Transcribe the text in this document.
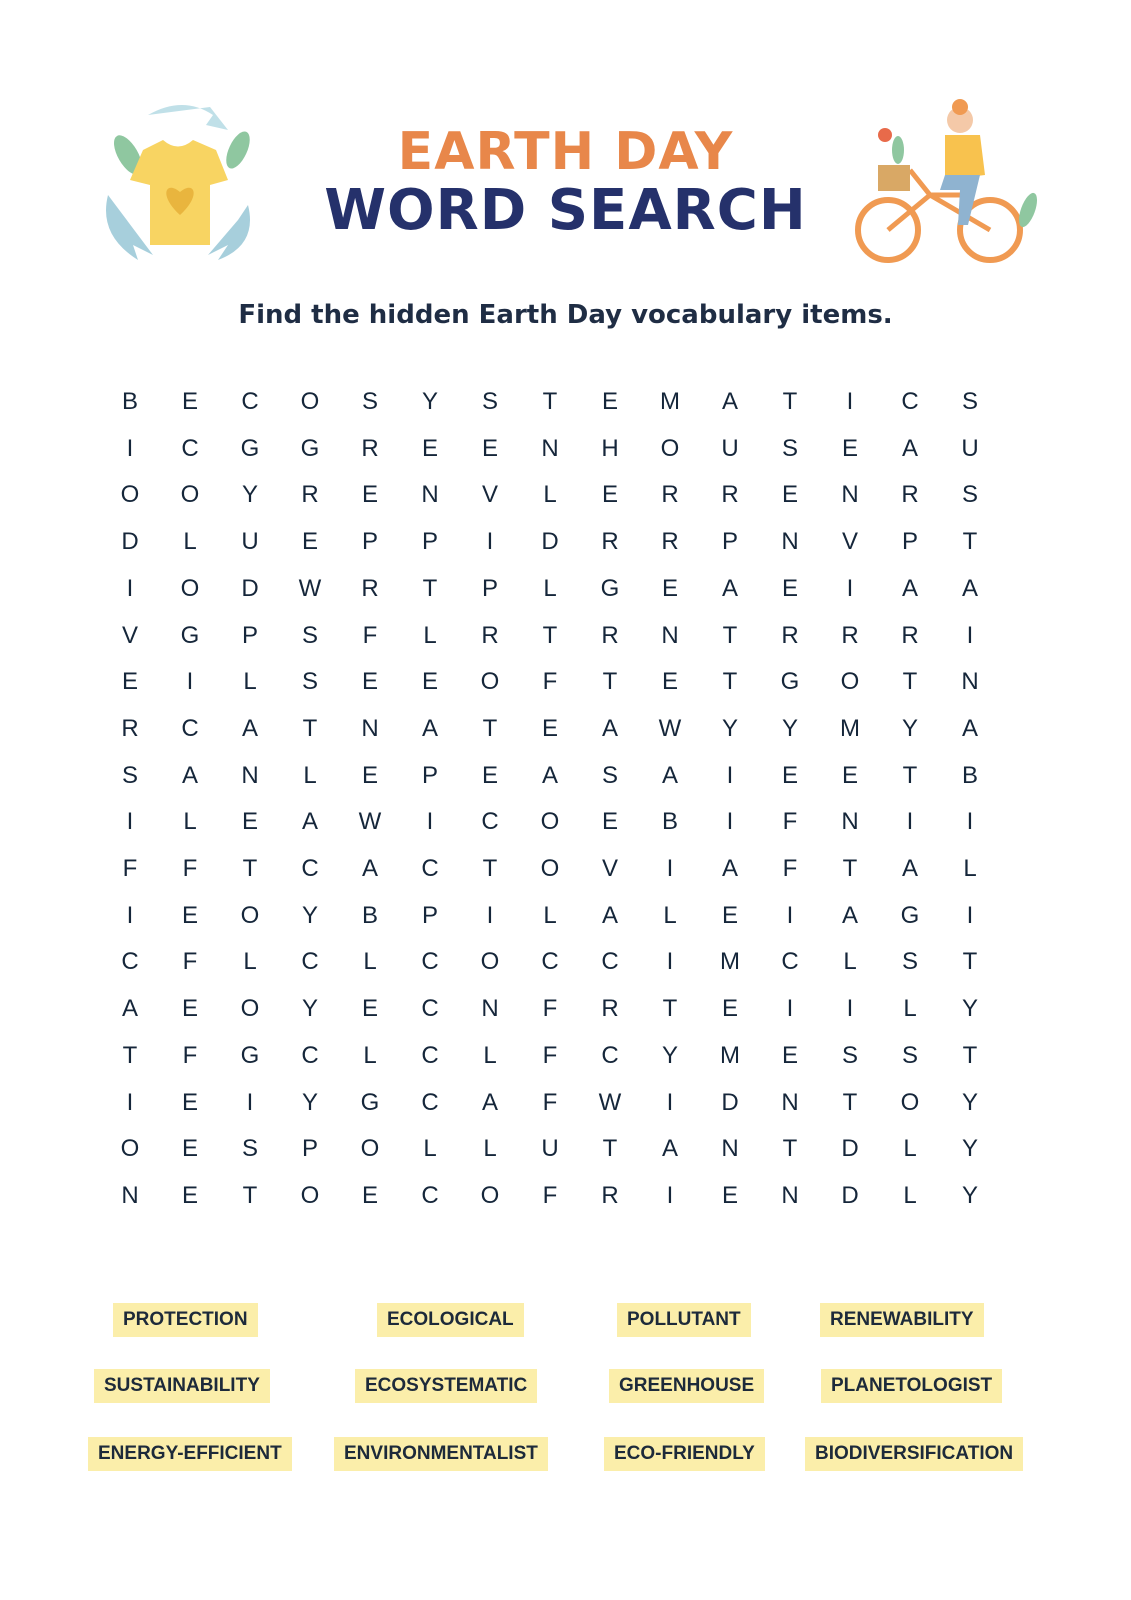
EARTH DAY
WORD SEARCH
Find the hidden Earth Day vocabulary items.
B	E	C	O	S	Y	S	T	E	M	A	T	I	C	S
I	C	G	G	R	E	E	N	H	O	U	S	E	A	U
O	O	Y	R	E	N	V	L	E	R	R	E	N	R	S
D	L	U	E	P	P	I	D	R	R	P	N	V	P	T
I	O	D	W	R	T	P	L	G	E	A	E	I	A	A
V	G	P	S	F	L	R	T	R	N	T	R	R	R	I
E	I	L	S	E	E	O	F	T	E	T	G	O	T	N
R	C	A	T	N	A	T	E	A	W	Y	Y	M	Y	A
S	A	N	L	E	P	E	A	S	A	I	E	E	T	B
I	L	E	A	W	I	C	O	E	B	I	F	N	I	I
F	F	T	C	A	C	T	O	V	I	A	F	T	A	L
I	E	O	Y	B	P	I	L	A	L	E	I	A	G	I
C	F	L	C	L	C	O	C	C	I	M	C	L	S	T
A	E	O	Y	E	C	N	F	R	T	E	I	I	L	Y
T	F	G	C	L	C	L	F	C	Y	M	E	S	S	T
I	E	I	Y	G	C	A	F	W	I	D	N	T	O	Y
O	E	S	P	O	L	L	U	T	A	N	T	D	L	Y
N	E	T	O	E	C	O	F	R	I	E	N	D	L	Y
PROTECTION	ECOLOGICAL	POLLUTANT	RENEWABILITY
SUSTAINABILITY	ECOSYSTEMATIC	GREENHOUSE	PLANETOLOGIST
ENERGY-EFFICIENT	ENVIRONMENTALIST	ECO-FRIENDLY	BIODIVERSIFICATION
